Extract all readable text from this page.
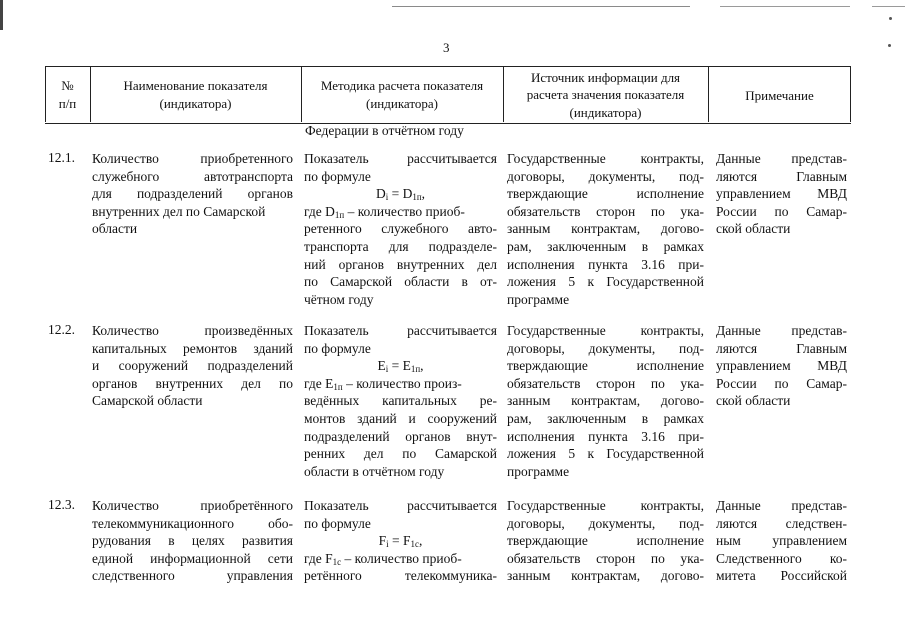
3
№
п/п
Наименование показателя
(индикатора)
Методика расчета показателя
(индикатора)
Источник информации для
расчета значения показателя
(индикатора)
Примечание
Федерации в отчётном году
12.1. Количество приобретенного
служебного автотранспорта
для подразделений органов
внутренних дел по Самарской
области
Показатель рассчитывается
по формуле
$D_i = D_{1п}$,
где $D_{1п}$ – количество приоб-
ретенного служебного авто-
транспорта для подразделе-
ний органов внутренних дел
по Самарской области в от-
чётном году
Государственные контракты,
договоры, документы, под-
тверждающие исполнение
обязательств сторон по ука-
занным контрактам, догово-
рам, заключенным в рамках
исполнения пункта 3.16 при-
ложения 5 к Государственной
программе
Данные представ-
ляются Главным
управлением МВД
России по Самар-
ской области
12.2. Количество произведённых
капитальных ремонтов зданий
и сооружений подразделений
органов внутренних дел по
Самарской области
Показатель рассчитывается
по формуле
$E_i = E_{1п}$,
где $E_{1п}$ – количество произ-
ведённых капитальных ре-
монтов зданий и сооружений
подразделений органов внут-
ренних дел по Самарской
области в отчётном году
Государственные контракты,
договоры, документы, под-
тверждающие исполнение
обязательств сторон по ука-
занным контрактам, догово-
рам, заключенным в рамках
исполнения пункта 3.16 при-
ложения 5 к Государственной
программе
Данные представ-
ляются Главным
управлением МВД
России по Самар-
ской области
12.3. Количество приобретённого
телекоммуникационного обо-
рудования в целях развития
единой информационной сети
следственного управления
Показатель рассчитывается
по формуле
$F_i = F_{1с}$,
где $F_{1с}$ – количество приоб-
ретённого телекоммуника-
Государственные контракты,
договоры, документы, под-
тверждающие исполнение
обязательств сторон по ука-
занным контрактам, догово-
Данные представ-
ляются следствен-
ным управлением
Следственного ко-
митета Российской
